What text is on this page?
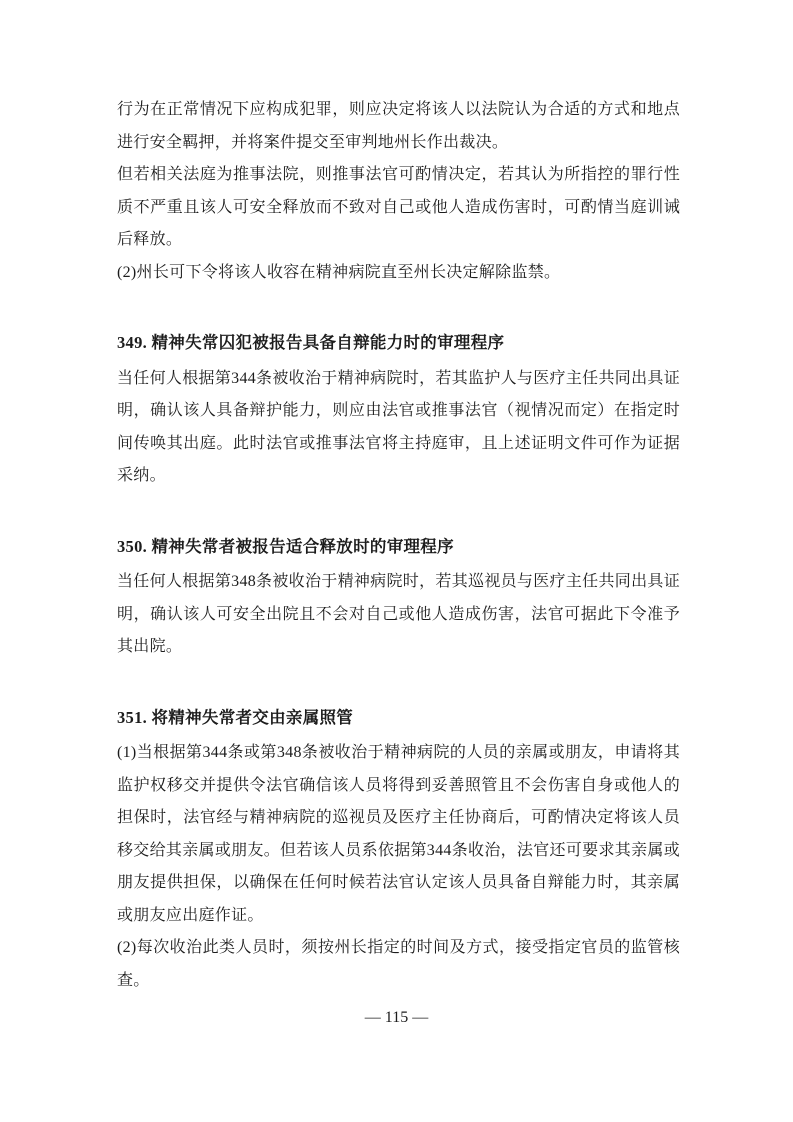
行为在正常情况下应构成犯罪，则应决定将该人以法院认为合适的方式和地点进行安全羁押，并将案件提交至审判地州长作出裁决。

但若相关法庭为推事法院，则推事法官可酌情决定，若其认为所指控的罪行性质不严重且该人可安全释放而不致对自己或他人造成伤害时，可酌情当庭训诫后释放。

(2)州长可下令将该人收容在精神病院直至州长决定解除监禁。

349. 精神失常囚犯被报告具备自辩能力时的审理程序

当任何人根据第344条被收治于精神病院时，若其监护人与医疗主任共同出具证明，确认该人具备辩护能力，则应由法官或推事法官（视情况而定）在指定时间传唤其出庭。此时法官或推事法官将主持庭审，且上述证明文件可作为证据采纳。

350. 精神失常者被报告适合释放时的审理程序

当任何人根据第348条被收治于精神病院时，若其巡视员与医疗主任共同出具证明，确认该人可安全出院且不会对自己或他人造成伤害，法官可据此下令准予其出院。

351. 将精神失常者交由亲属照管

(1)当根据第344条或第348条被收治于精神病院的人员的亲属或朋友，申请将其监护权移交并提供令法官确信该人员将得到妥善照管且不会伤害自身或他人的担保时，法官经与精神病院的巡视员及医疗主任协商后，可酌情决定将该人员移交给其亲属或朋友。但若该人员系依据第344条收治，法官还可要求其亲属或朋友提供担保，以确保在任何时候若法官认定该人员具备自辩能力时，其亲属或朋友应出庭作证。

(2)每次收治此类人员时，须按州长指定的时间及方式，接受指定官员的监管核查。

— 115 —
